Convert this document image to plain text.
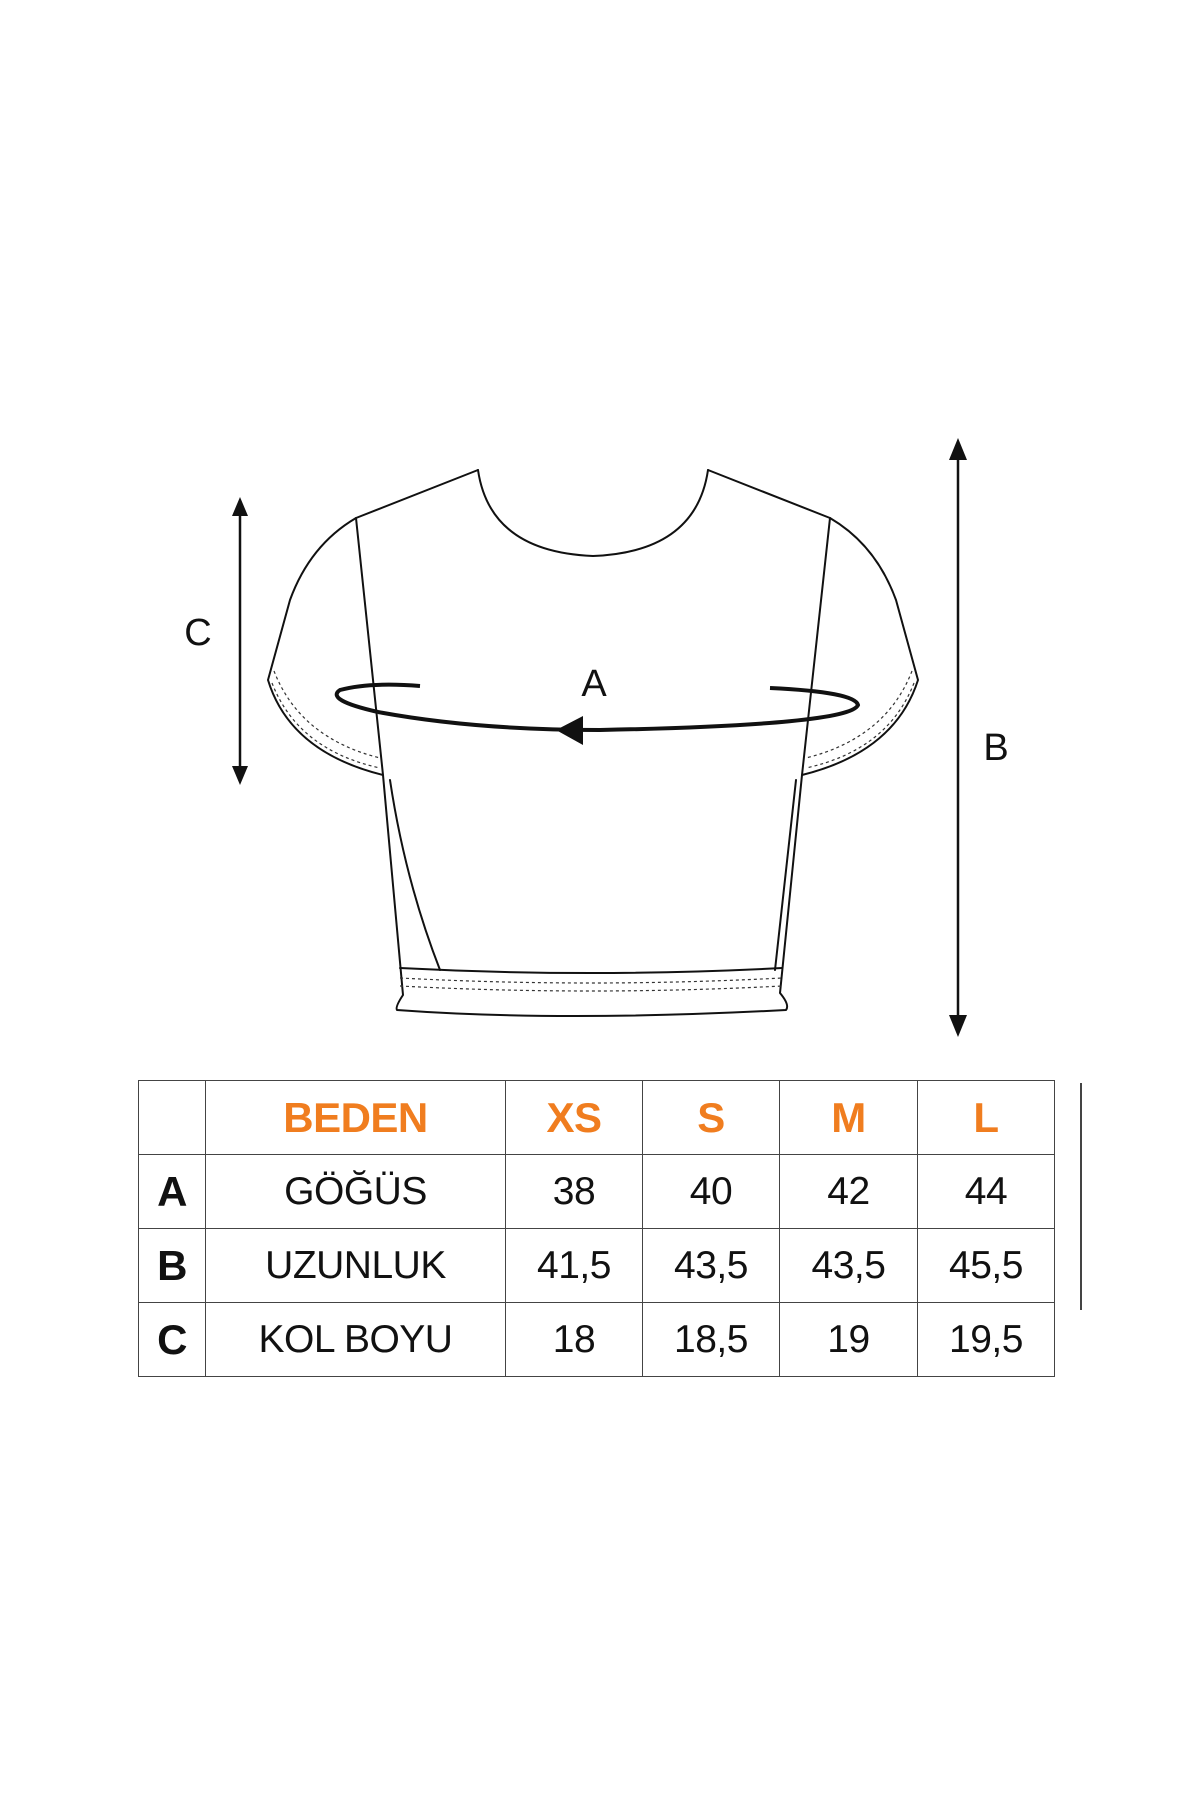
A
B
C
	BEDEN	XS	S	M	L
A	GÖĞÜS	38	40	42	44
B	UZUNLUK	41,5	43,5	43,5	45,5
C	KOL BOYU	18	18,5	19	19,5
